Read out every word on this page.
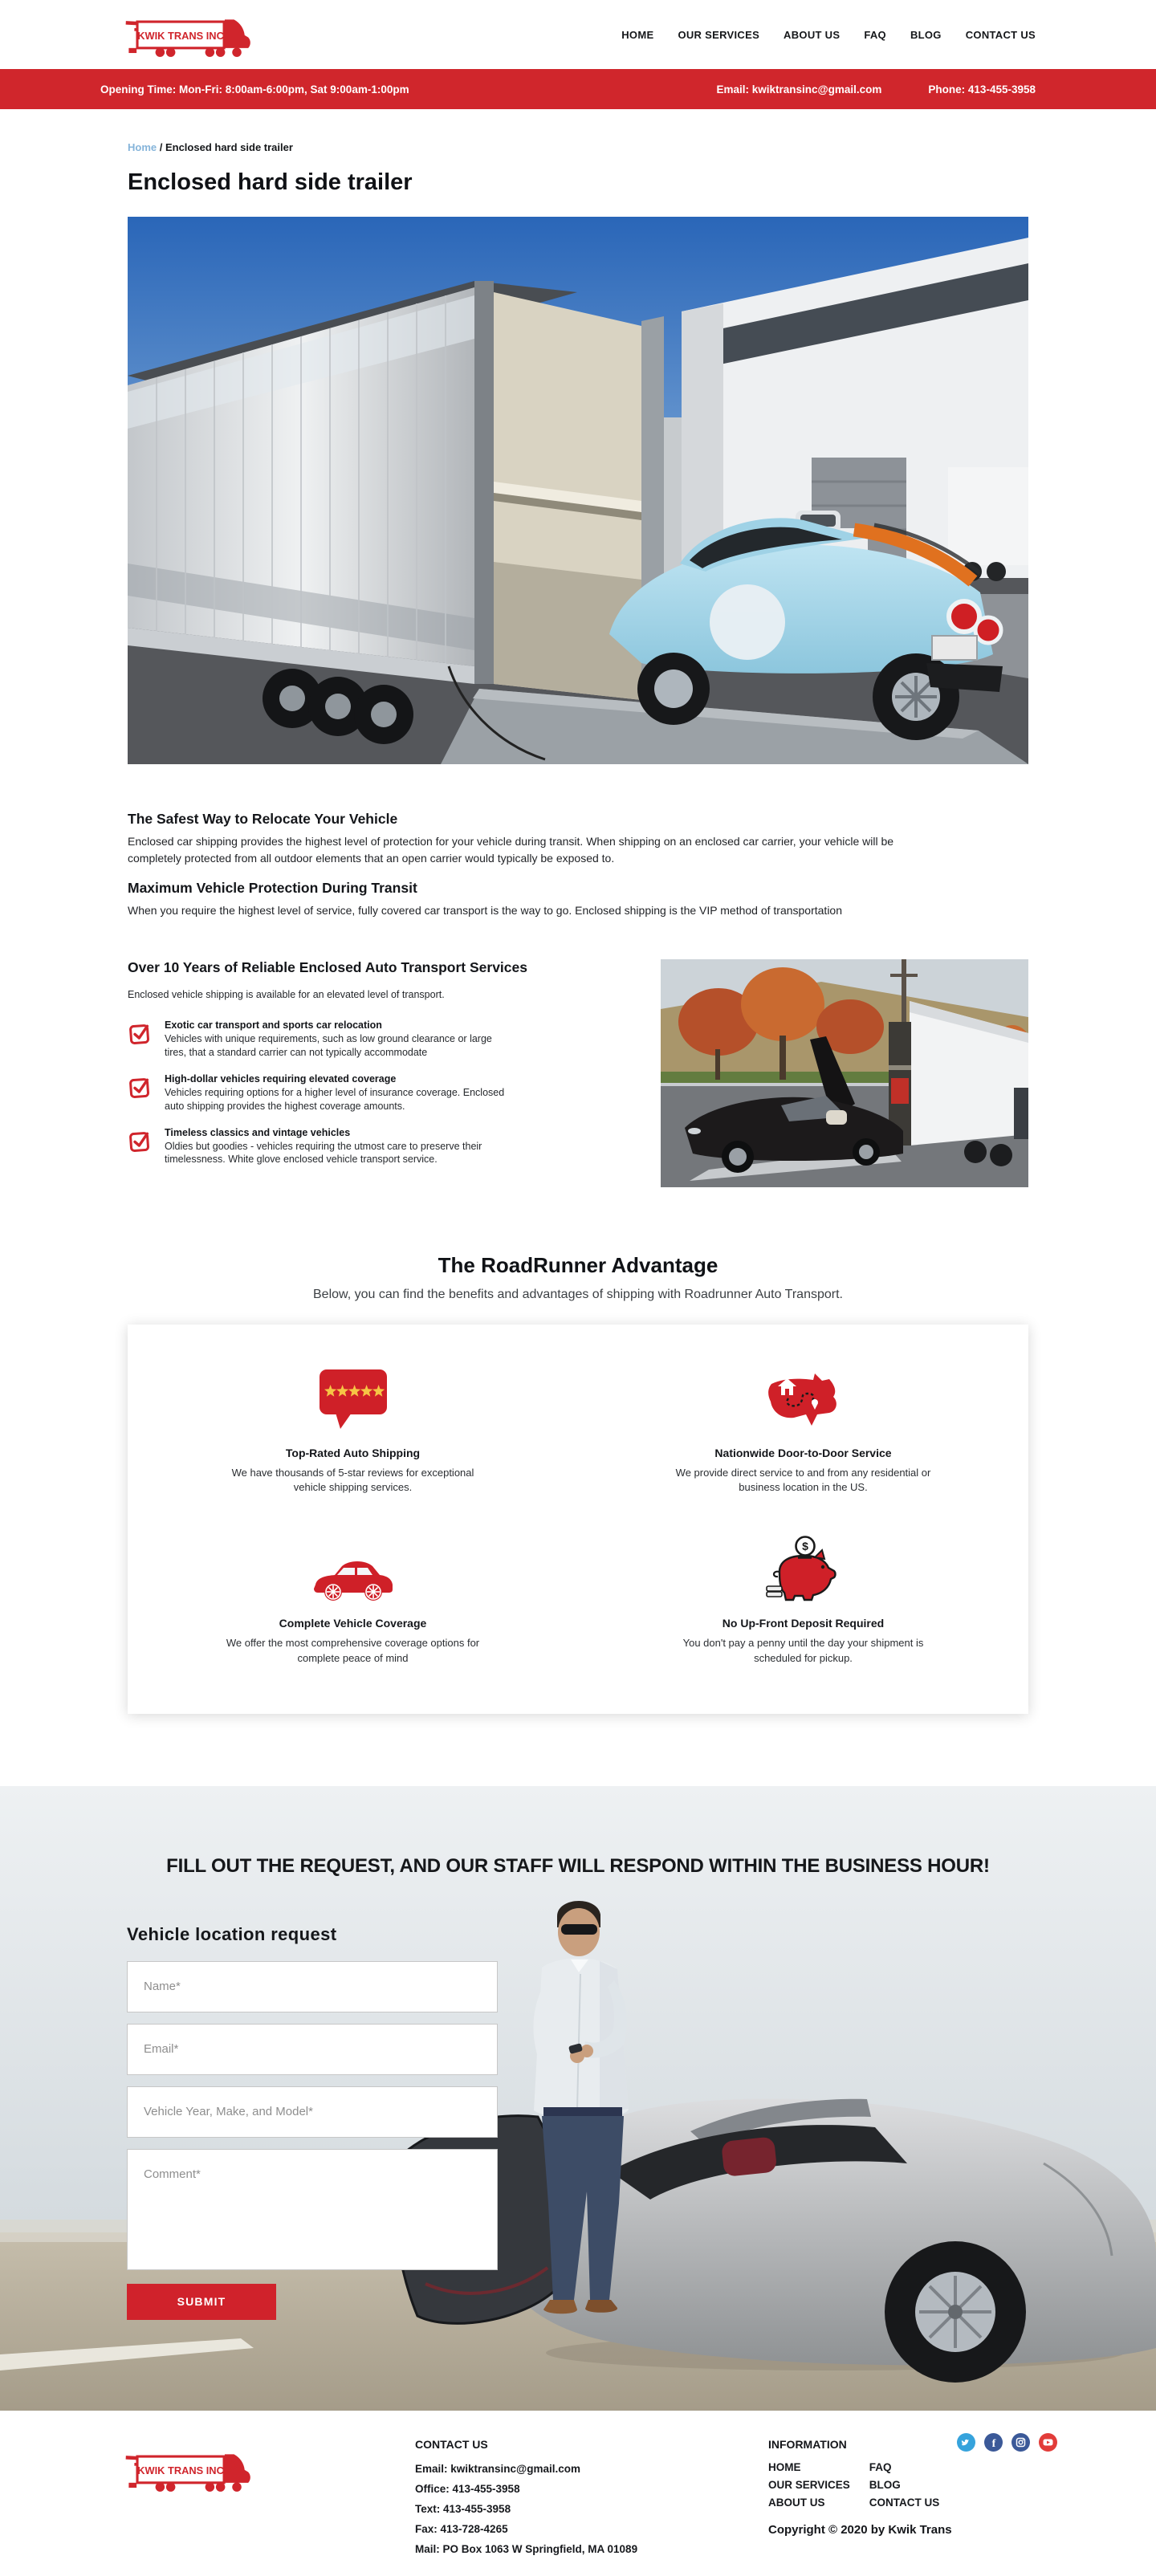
KWIK TRANS INC	HOME OUR SERVICES ABOUT US FAQ BLOG CONTACT US
Opening Time: Mon-Fri: 8:00am-6:00pm, Sat 9:00am-1:00pm	Email: kwiktransinc@gmail.com	Phone: 413-455-3958
Home / Enclosed hard side trailer
Enclosed hard side trailer
The Safest Way to Relocate Your Vehicle

Enclosed car shipping provides the highest level of protection for your vehicle during transit. When shipping on an enclosed car carrier, your vehicle will be completely protected from all outdoor elements that an open carrier would typically be exposed to.

Maximum Vehicle Protection During Transit

When you require the highest level of service, fully covered car transport is the way to go. Enclosed shipping is the VIP method of transportation

Over 10 Years of Reliable Enclosed Auto Transport Services

Enclosed vehicle shipping is available for an elevated level of transport.

Exotic car transport and sports car relocation

Vehicles with unique requirements, such as low ground clearance or large tires, that a standard carrier can not typically accommodate

High-dollar vehicles requiring elevated coverage

Vehicles requiring options for a higher level of insurance coverage. Enclosed auto shipping provides the highest coverage amounts.

Timeless classics and vintage vehicles

Oldies but goodies - vehicles requiring the utmost care to preserve their timelessness. White glove enclosed vehicle transport service.

The RoadRunner Advantage

Below, you can find the benefits and advantages of shipping with Roadrunner Auto Transport.

Top-Rated Auto Shipping

We have thousands of 5-star reviews for exceptional vehicle shipping services.

Nationwide Door-to-Door Service

We provide direct service to and from any residential or business location in the US.

Complete Vehicle Coverage

We offer the most comprehensive coverage options for complete peace of mind

$
No Up-Front Deposit Required

You don't pay a penny until the day your shipment is scheduled for pickup.

FILL OUT THE REQUEST, AND OUR STAFF WILL RESPOND WITHIN THE BUSINESS HOUR!
Vehicle location request
Name*
Email*
Vehicle Year, Make, and Model*
Comment* SUBMIT
KWIK TRANS INC
CONTACT US
Email: kwiktransinc@gmail.com
Office: 413-455-3958
Text: 413-455-3958
Fax: 413-728-4265
Mail: PO Box 1063 W Springfield, MA 01089
INFORMATION
HOME
OUR SERVICES
ABOUT US
FAQ
BLOG
CONTACT US
f
Copyright © 2020 by Kwik Trans
